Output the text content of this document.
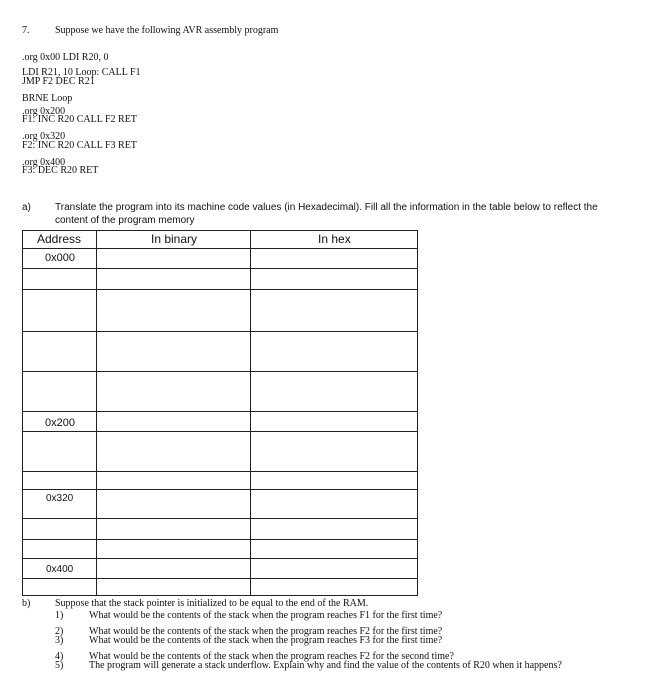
7.	Suppose we have the following AVR assembly program
.org 0x00 LDI R20, 0
LDI R21, 10 Loop: CALL F1
JMP F2 DEC R21
BRNE Loop
.org 0x200
F1: INC R20 CALL F2 RET
.org 0x320
F2: INC R20 CALL F3 RET
.org 0x400
F3: DEC R20 RET
a) Translate the program into its machine code values (in Hexadecimal). Fill all the information in the table below to reflect the
content of the program memory
Address	In binary	In hex
0x000
0x200
0x320
0x400
b) Suppose that the stack pointer is initialized to be equal to the end of the RAM.
1)	What would be the contents of the stack when the program reaches F1 for the first time?
2)	What would be the contents of the stack when the program reaches F2 for the first time?
3)	What would be the contents of the stack when the program reaches F3 for the first time?
4)	What would be the contents of the stack when the program reaches F2 for the second time?
5)	The program will generate a stack underflow. Explain why and find the value of the contents of R20 when it happens?
